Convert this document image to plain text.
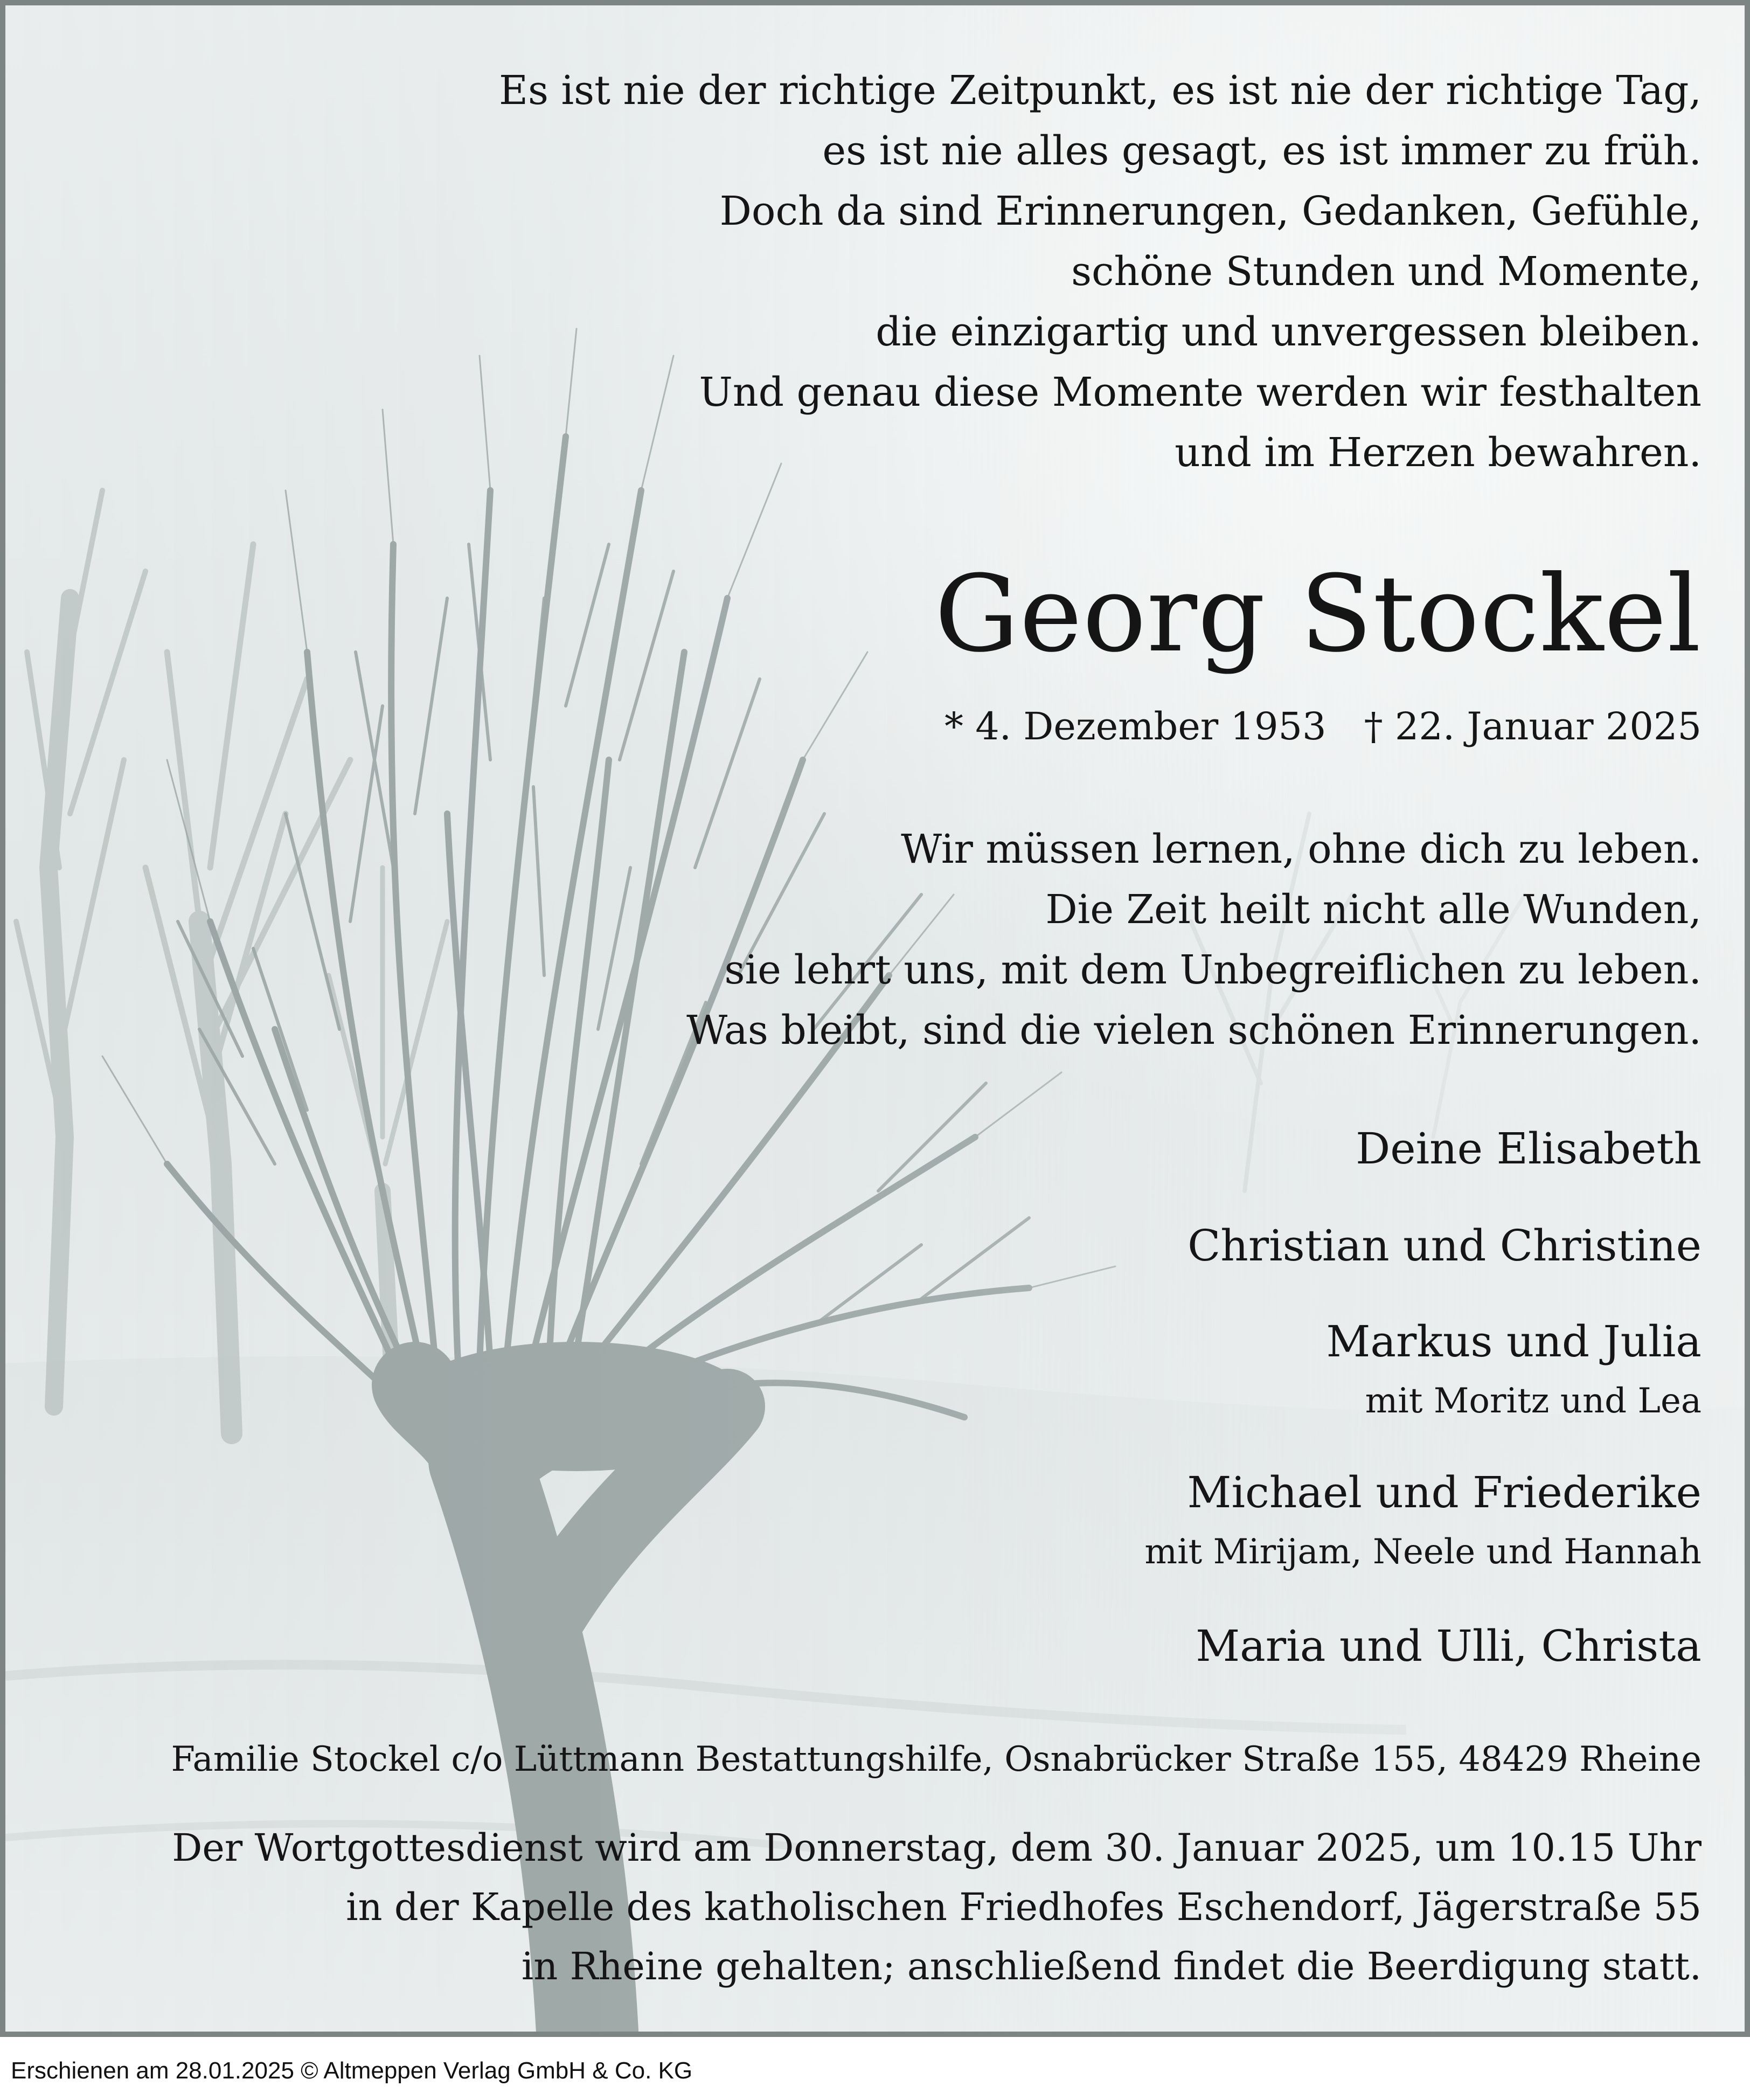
Es ist nie der richtige Zeitpunkt, es ist nie der richtige Tag,
es ist nie alles gesagt, es ist immer zu früh.
Doch da sind Erinnerungen, Gedanken, Gefühle,
schöne Stunden und Momente,
die einzigartig und unvergessen bleiben.
Und genau diese Momente werden wir festhalten
und im Herzen bewahren.
Georg Stockel
* 4. Dezember 1953 † 22. Januar 2025
Wir müssen lernen, ohne dich zu leben.
Die Zeit heilt nicht alle Wunden,
sie lehrt uns, mit dem Unbegreiflichen zu leben.
Was bleibt, sind die vielen schönen Erinnerungen.
Deine Elisabeth
Christian und Christine
Markus und Julia
mit Moritz und Lea
Michael und Friederike
mit Mirijam, Neele und Hannah
Maria und Ulli, Christa
Familie Stockel c/o Lüttmann Bestattungshilfe, Osnabrücker Straße 155, 48429 Rheine
Der Wortgottesdienst wird am Donnerstag, dem 30. Januar 2025, um 10.15 Uhr
in der Kapelle des katholischen Friedhofes Eschendorf, Jägerstraße 55
in Rheine gehalten; anschließend findet die Beerdigung statt.
Erschienen am 28.01.2025 © Altmeppen Verlag GmbH & Co. KG
